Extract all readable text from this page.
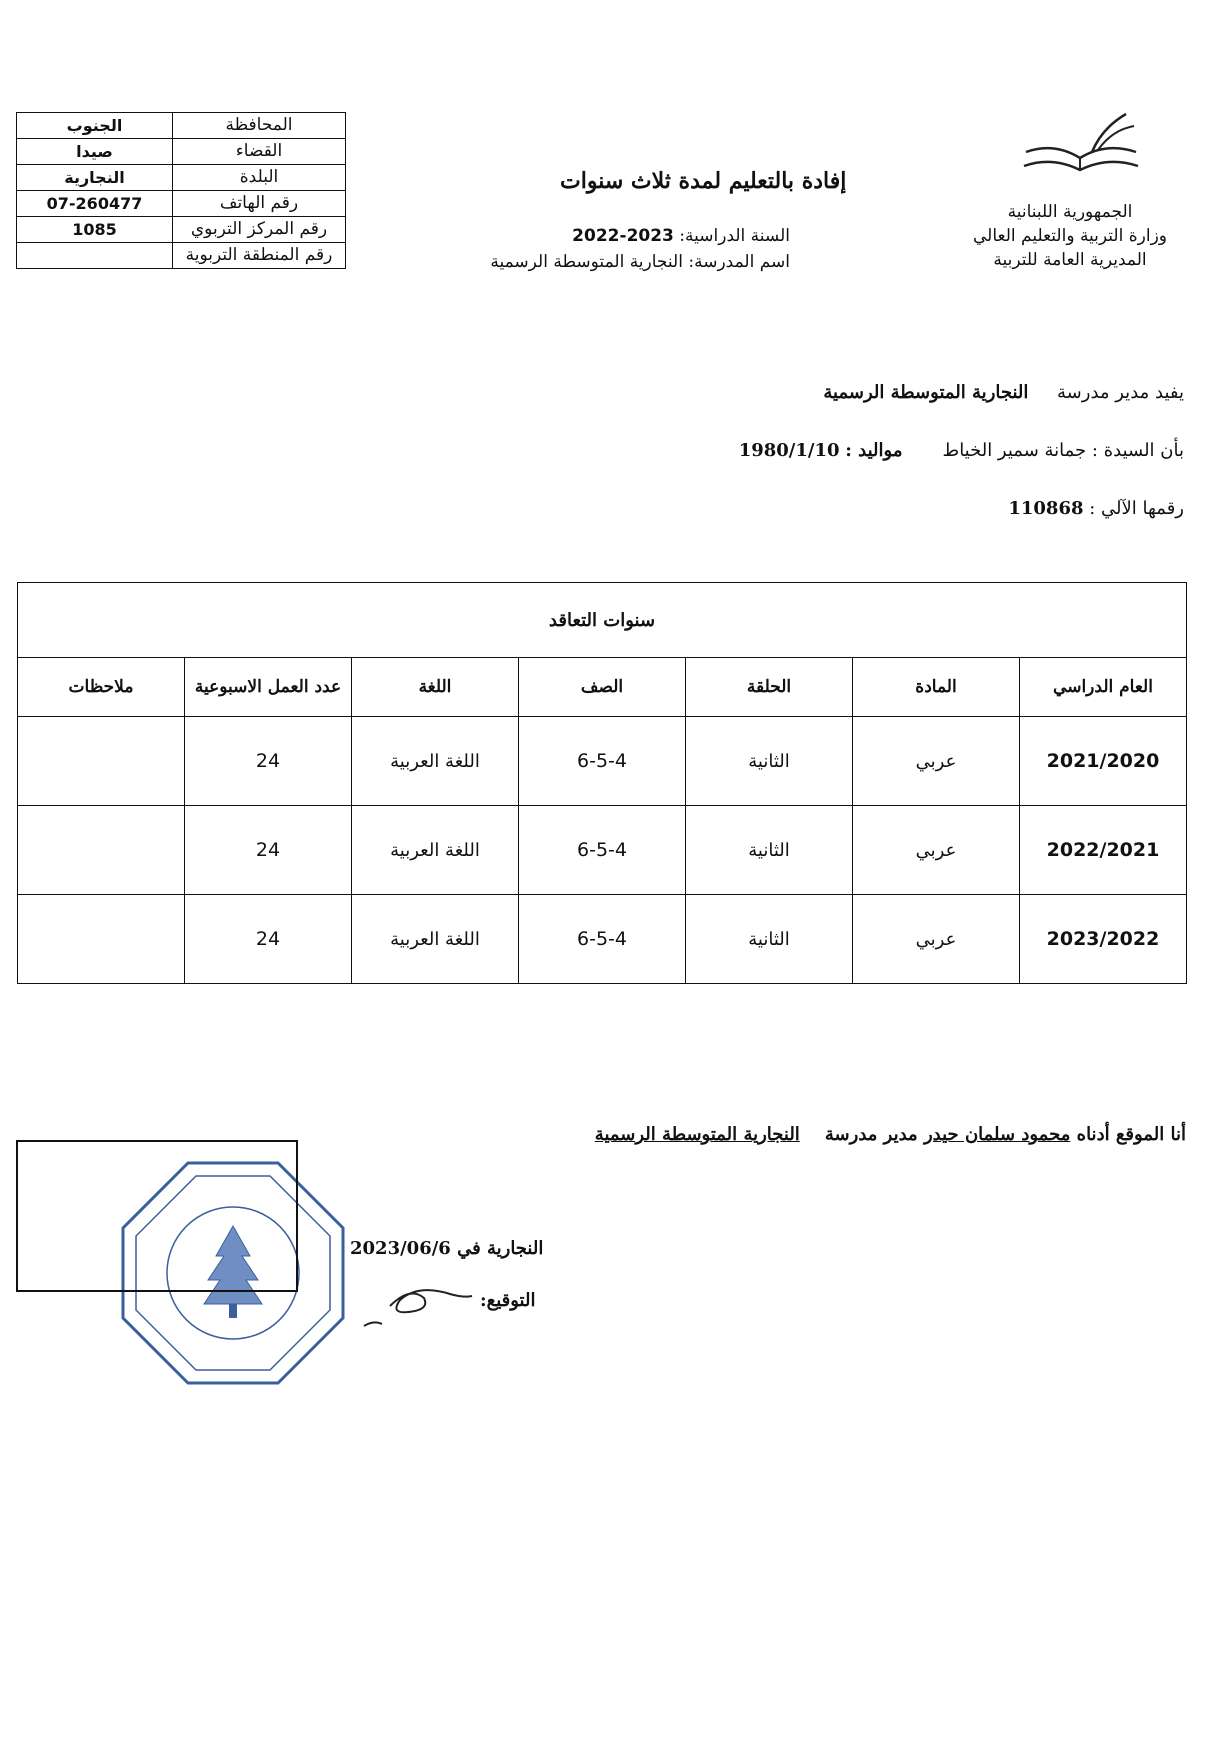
المحافظة	الجنوب
القضاء	صيدا
البلدة	النجارية
رقم الهاتف	07-260477
رقم المركز التربوي	1085
رقم المنطقة التربوية	
الجمهورية اللبنانية
وزارة التربية والتعليم العالي
المديرية العامة للتربية
إفادة بالتعليم لمدة ثلاث سنوات
السنة الدراسية: 2023-2022
اسم المدرسة: النجارية المتوسطة الرسمية
يفيد مدير مدرسة     النجارية المتوسطة الرسمية
بأن السيدة : جمانة سمير الخياط       مواليد : 1980/1/10
رقمها الآلي : 110868
سنوات التعاقد						
العام الدراسي	المادة	الحلقة	الصف	اللغة	عدد العمل الاسبوعية	ملاحظات
2021/2020	عربي	الثانية	6-5-4	اللغة العربية	24	
2022/2021	عربي	الثانية	6-5-4	اللغة العربية	24	
2023/2022	عربي	الثانية	6-5-4	اللغة العربية	24	
أنا الموقع أدناه محمود سلمان حيدر مدير مدرسة    النجارية المتوسطة الرسمية
النجارية في 2023/06/6
التوقيع:
